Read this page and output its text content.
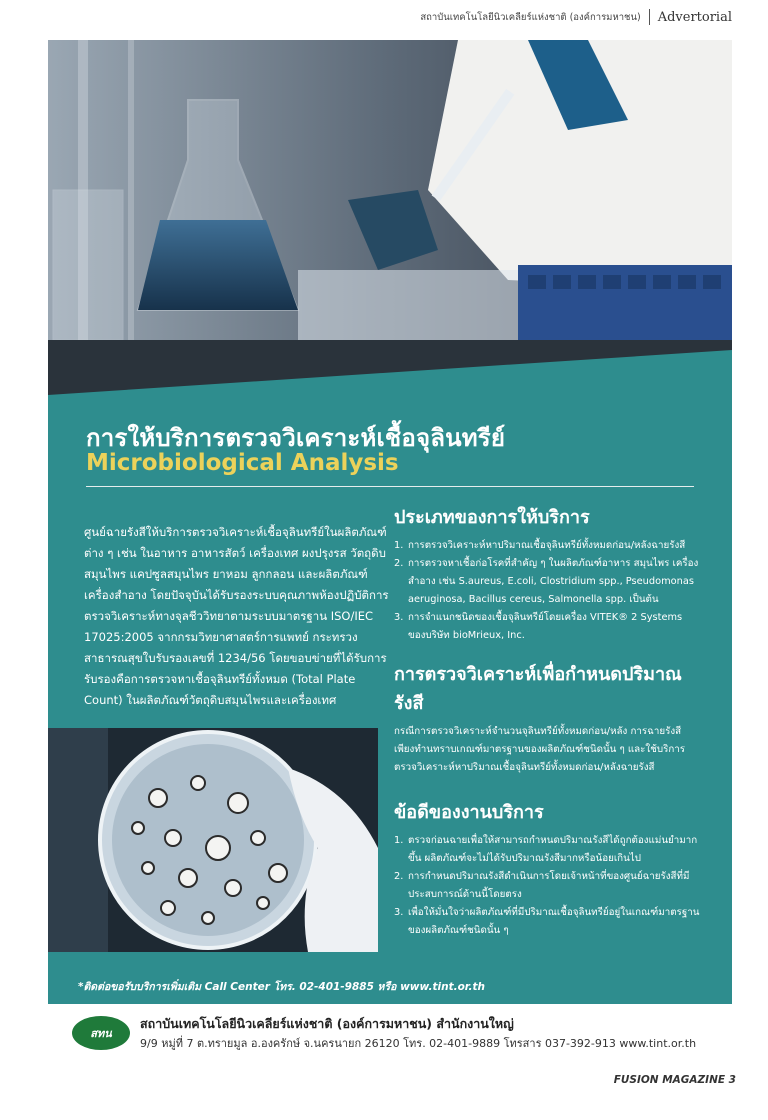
สถาบันเทคโนโลยีนิวเคลียร์แห่งชาติ (องค์การมหาชน) Advertorial
การให้บริการตรวจวิเคราะห์เชื้อจุลินทรีย์
Microbiological Analysis

ศูนย์ฉายรังสีให้บริการตรวจวิเคราะห์เชื้อจุลินทรีย์ในผลิตภัณฑ์ต่าง ๆ เช่น ในอาหาร อาหารสัตว์ เครื่องเทศ ผงปรุงรส วัตถุดิบสมุนไพร แคปซูลสมุนไพร ยาหอม ลูกกลอน และผลิตภัณฑ์เครื่องสำอาง โดยปัจจุบันได้รับรองระบบคุณภาพห้องปฏิบัติการตรวจวิเคราะห์ทางจุลชีววิทยาตามระบบมาตรฐาน ISO/IEC 17025:2005 จากกรมวิทยาศาสตร์การแพทย์ กระทรวงสาธารณสุขใบรับรองเลขที่ 1234/56 โดยขอบข่ายที่ได้รับการรับรองคือการตรวจหาเชื้อจุลินทรีย์ทั้งหมด (Total Plate Count) ในผลิตภัณฑ์วัตถุดิบสมุนไพรและเครื่องเทศ

ประเภทของการให้บริการ
1. การตรวจวิเคราะห์หาปริมาณเชื้อจุลินทรีย์ทั้งหมดก่อน/หลังฉายรังสี
2. การตรวจหาเชื้อก่อโรคที่สำคัญ ๆ ในผลิตภัณฑ์อาหาร สมุนไพร เครื่องสำอาง เช่น S.aureus, E.coli, Clostridium spp., Pseudomonas aeruginosa, Bacillus cereus, Salmonella spp. เป็นต้น
3. การจำแนกชนิดของเชื้อจุลินทรีย์โดยเครื่อง VITEK® 2 Systems ของบริษัท bioMrieux, Inc.
การตรวจวิเคราะห์เพื่อกำหนดปริมาณรังสี

กรณีการตรวจวิเคราะห์จำนวนจุลินทรีย์ทั้งหมดก่อน/หลัง การฉายรังสีเพียงทำนทราบเกณฑ์มาตรฐานของผลิตภัณฑ์ชนิดนั้น ๆ และใช้บริการตรวจวิเคราะห์หาปริมาณเชื้อจุลินทรีย์ทั้งหมดก่อน/หลังฉายรังสี

ข้อดีของงานบริการ
1. ตรวจก่อนฉายเพื่อให้สามารถกำหนดปริมาณรังสีได้ถูกต้องแม่นยำมากขึ้น ผลิตภัณฑ์จะไม่ได้รับปริมาณรังสีมากหรือน้อยเกินไป
2. การกำหนดปริมาณรังสีดำเนินการโดยเจ้าหน้าที่ของศูนย์ฉายรังสีที่มีประสบการณ์ด้านนี้โดยตรง
3. เพื่อให้มั่นใจว่าผลิตภัณฑ์ที่มีปริมาณเชื้อจุลินทรีย์อยู่ในเกณฑ์มาตรฐานของผลิตภัณฑ์ชนิดนั้น ๆ
*ติดต่อขอรับบริการเพิ่มเติม Call Center โทร. 02-401-9885 หรือ www.tint.or.th
สทน
สถาบันเทคโนโลยีนิวเคลียร์แห่งชาติ (องค์การมหาชน) สำนักงานใหญ่
9/9 หมู่ที่ 7 ต.ทรายมูล อ.องครักษ์ จ.นครนายก 26120 โทร. 02-401-9889 โทรสาร 037-392-913 www.tint.or.th
FUSION MAGAZINE 3
